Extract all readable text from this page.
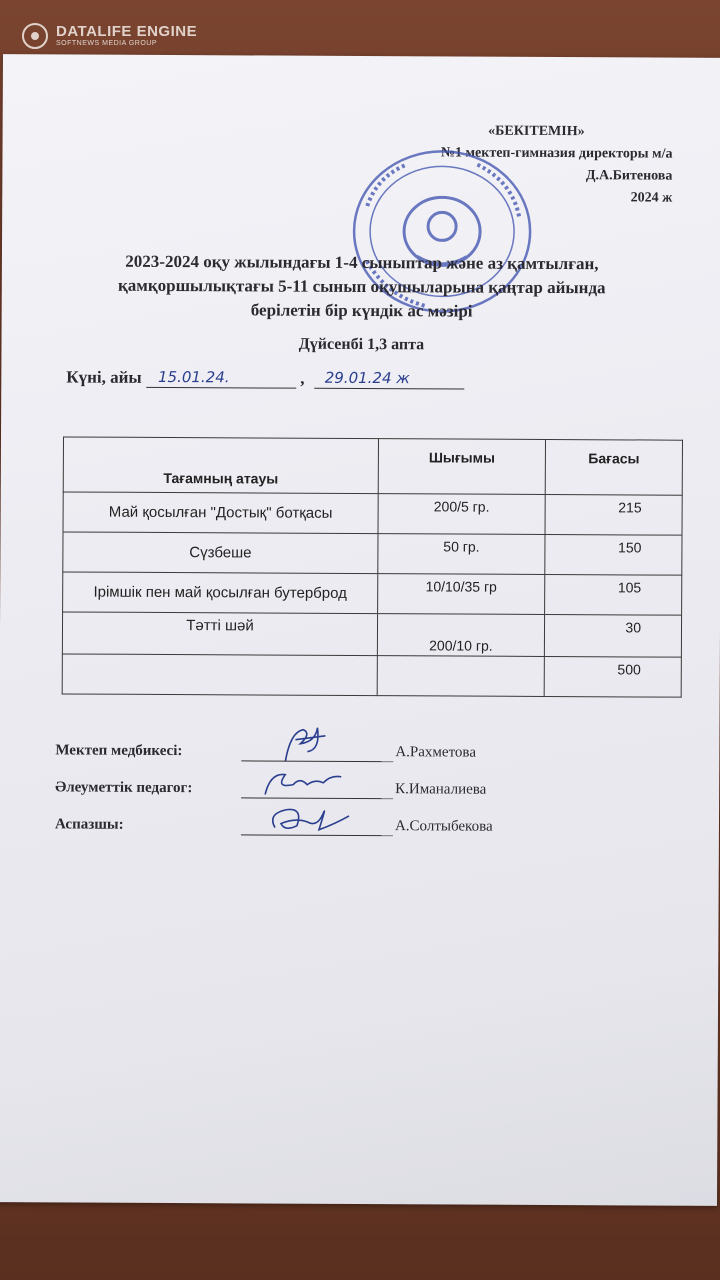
DATALIFE ENGINE
SOFTNEWS MEDIA GROUP
«БЕКІТЕМІН»
№1 мектеп-гимназия директоры м/а
Д.А.Битенова
2024 ж
2023-2024 оқу жылындағы 1-4 сыныптар және аз қамтылған,
қамқоршылықтағы 5-11 сынып оқушыларына қаңтар айында
берілетін бір күндік ас мәзірі
Дүйсенбі 1,3 апта
Күні, айы 15.01.24.	, 29.01.24 ж
Тағамның атауы	Шығымы	Бағасы
Май қосылған "Достық" ботқасы	200/5 гр.	215
Сүзбеше	50 гр.	150
Ірімшік пен май қосылған бутерброд	10/10/35 гр	105
Тәтті шәй	200/10 гр.	30
		500
Мектеп медбикесі:	А.Рахметова
Әлеуметтік педагог:	К.Иманалиева
Аспазшы:	А.Солтыбекова
